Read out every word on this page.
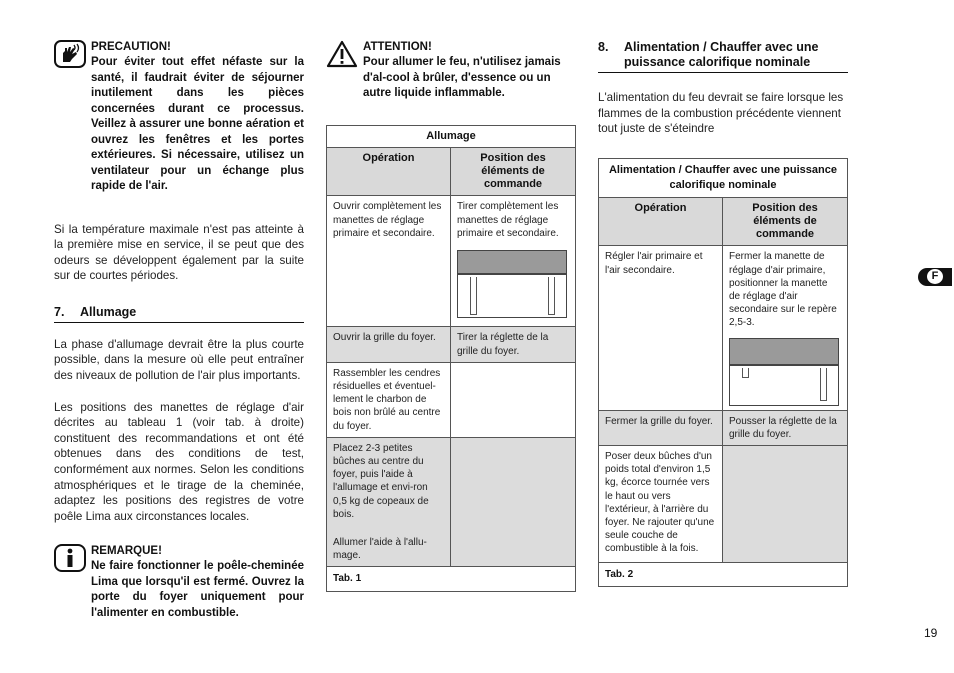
PRECAUTION!
Pour éviter tout effet néfaste sur la santé, il faudrait éviter de séjourner inutilement dans les pièces concernées durant ce processus. Veillez à assurer une bonne aération et ouvrez les fenêtres et les portes extérieures. Si nécessaire, utilisez un ventilateur pour un échange plus rapide de l'air.

Si la température maximale n'est pas atteinte à la première mise en service, il se peut que des odeurs se développent également par la suite sur de courtes périodes.

7.	Allumage

La phase d'allumage devrait être la plus courte possible, dans la mesure où elle peut entraîner des niveaux de pollution de l'air plus importants.

Les positions des manettes de réglage d'air décrites au tableau 1 (voir tab. à droite) constituent des recommandations et ont été obtenues dans des conditions de test, conformément aux normes. Selon les conditions atmosphériques et le tirage de la cheminée, adaptez les positions des registres de votre poêle Lima aux circonstances locales.

REMARQUE!
Ne faire fonctionner le poêle-cheminée Lima que lorsqu'il est fermé. Ouvrez la porte du foyer uniquement pour l'alimenter en combustible.
ATTENTION!
Pour allumer le feu, n'utilisez jamais d'al-cool à brûler, d'essence ou un autre liquide inflammable.
Allumage	
Opération	Position des éléments de commande
Ouvrir complètement les manettes de réglage primaire et secondaire.	Tirer complètement les manettes de réglage primaire et secondaire.

Ouvrir la grille du foyer.	Tirer la réglette de la grille du foyer.
Rassembler les cendres résiduelles et éventuel-lement le charbon de bois non brûlé au centre du foyer.	

Placez 2-3 petites bûches au centre du foyer, puis l'aide à l'allumage et envi-ron 0,5 kg de copeaux de bois.
Allumer l'aide à l'allu-mage.	

Tab. 1	
8.	Alimentation / Chauffer avec une puissance calorifique nominale

L'alimentation du feu devrait se faire lorsque les flammes de la combustion précédente viennent tout juste de s'éteindre

Alimentation / Chauffer avec une puissance calorifique nominale	
Opération	Position des éléments de commande
Régler l'air primaire et l'air secondaire.	Fermer la manette de réglage d'air primaire, positionner la manette de réglage d'air secondaire sur le repère 2,5-3.

Fermer la grille du foyer.	Pousser la réglette de la grille du foyer.
Poser deux bûches d'un poids total d'environ 1,5 kg, écorce tournée vers le haut ou vers l'extérieur, à l'arrière du foyer. Ne rajouter qu'une seule couche de combustible à la fois.	
Tab. 2	
F
19
